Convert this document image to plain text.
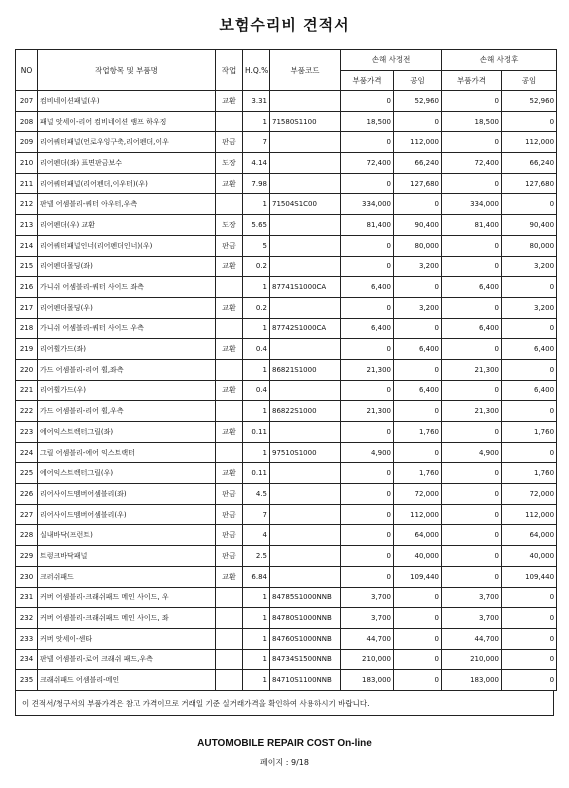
보험수리비 견적서
NO	작업항목 및 부품명	작업	H.Q.%	부품코드	손해 사정전		손해 사정후	
					부품가격	공임	부품가격	공임
207	컴비네이션패널(우)	교환	3.31		0	52,960	0	52,960
208	패널 앗세이-리어 컴비네이션 램프 하우징		1	71580S1100	18,500	0	18,500	0
209	리어쿼터패널(언로우잉구축,리어펜더,이우	판금	7		0	112,000	0	112,000
210	리어펜더(좌) 표면판금보수	도장	4.14		72,400	66,240	72,400	66,240
211	리어쿼터패널(리어펜더,이우터)(우)	교환	7.98		0	127,680	0	127,680
212	판넬 어셈블리-쿼터 아우터,우측		1	71504S1C00	334,000	0	334,000	0
213	리어펜더(우) 교환	도장	5.65		81,400	90,400	81,400	90,400
214	리어쿼터패널인너(리어펜더인너)(우)	판금	5		0	80,000	0	80,000
215	리어펜더몰딩(좌)	교환	0.2		0	3,200	0	3,200
216	가니쉬 어셈블리-쿼터 사이드 좌측		1	87741S1000CA	6,400	0	6,400	0
217	리어펜더몰딩(우)	교환	0.2		0	3,200	0	3,200
218	가니쉬 어셈블리-쿼터 사이드 우측		1	87742S1000CA	6,400	0	6,400	0
219	리어휠가드(좌)	교환	0.4		0	6,400	0	6,400
220	가드 어셈블리-리어 휠,좌측		1	86821S1000	21,300	0	21,300	0
221	리어휠가드(우)	교환	0.4		0	6,400	0	6,400
222	가드 어셈블리-리어 휠,우측		1	86822S1000	21,300	0	21,300	0
223	에어익스트렉터그릴(좌)	교환	0.11		0	1,760	0	1,760
224	그릴 어셈블리-에어 익스트랙터		1	97510S1000	4,900	0	4,900	0
225	에어익스트렉터그릴(우)	교환	0.11		0	1,760	0	1,760
226	리어사이드멤버어셈블리(좌)	판금	4.5		0	72,000	0	72,000
227	리어사이드멤버어셈블리(우)	판금	7		0	112,000	0	112,000
228	실내바닥(프런트)	판금	4		0	64,000	0	64,000
229	트렁크바닥패널	판금	2.5		0	40,000	0	40,000
230	크러쉬패드	교환	6.84		0	109,440	0	109,440
231	커버 어셈블리-크래쉬패드 메인 사이드, 우		1	84785S1000NNB	3,700	0	3,700	0
232	커버 어셈블리-크래쉬패드 메인 사이드, 좌		1	84780S1000NNB	3,700	0	3,700	0
233	커버 앗세이-센타		1	84760S1000NNB	44,700	0	44,700	0
234	판넬 어셈블리-로어 크래쉬 패드,우측		1	84734S1500NNB	210,000	0	210,000	0
235	크래쉬패드 어셈블리-메인		1	84710S1100NNB	183,000	0	183,000	0
이 견적서/청구서의 부품가격은 참고 가격이므로 거래일 기준 실거래가격을 확인하여 사용하시기 바랍니다.
AUTOMOBILE REPAIR COST On-line
페이지 : 9/18
